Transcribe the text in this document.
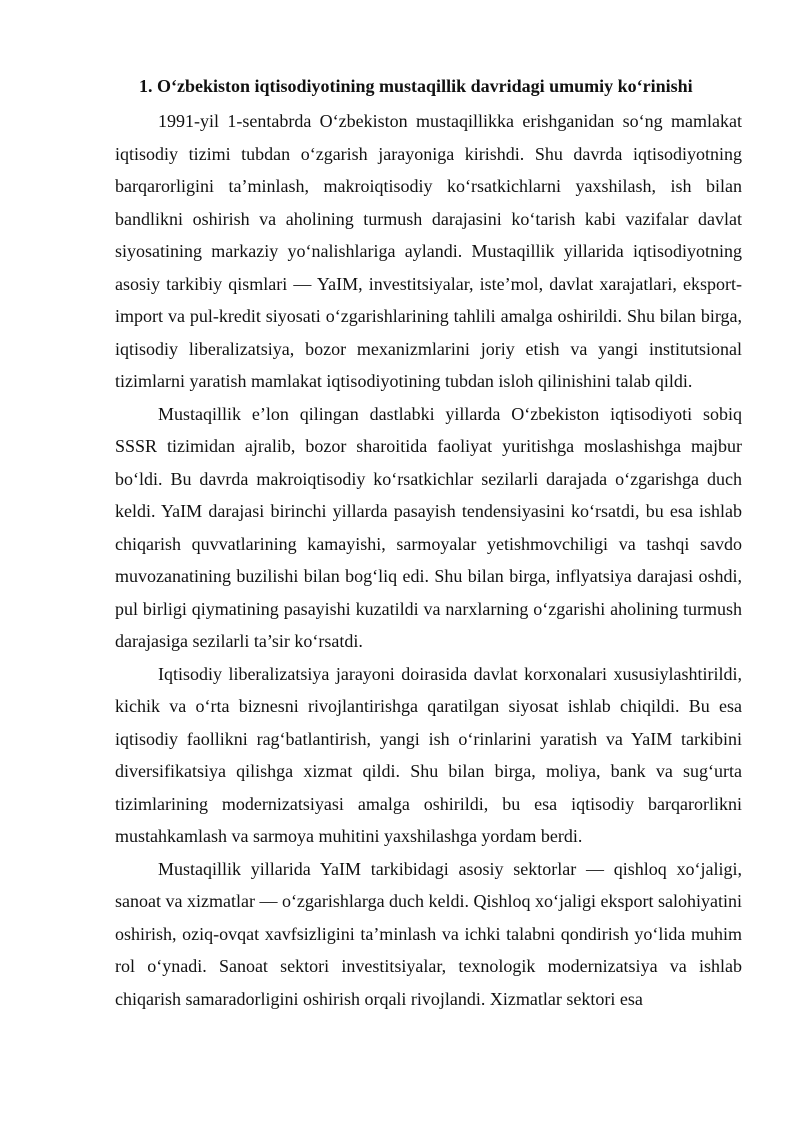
1. O‘zbekiston iqtisodiyotining mustaqillik davridagi umumiy ko‘rinishi

1991-yil 1-sentabrda O‘zbekiston mustaqillikka erishganidan so‘ng mamlakat iqtisodiy tizimi tubdan o‘zgarish jarayoniga kirishdi. Shu davrda iqtisodiyotning barqarorligini ta’minlash, makroiqtisodiy ko‘rsatkichlarni yaxshilash, ish bilan bandlikni oshirish va aholining turmush darajasini ko‘tarish kabi vazifalar davlat siyosatining markaziy yo‘nalishlariga aylandi. Mustaqillik yillarida iqtisodiyotning asosiy tarkibiy qismlari — YaIM, investitsiyalar, iste’mol, davlat xarajatlari, eksport-import va pul-kredit siyosati o‘zgarishlarining tahlili amalga oshirildi. Shu bilan birga, iqtisodiy liberalizatsiya, bozor mexanizmlarini joriy etish va yangi institutsional tizimlarni yaratish mamlakat iqtisodiyotining tubdan isloh qilinishini talab qildi.

Mustaqillik e’lon qilingan dastlabki yillarda O‘zbekiston iqtisodiyoti sobiq SSSR tizimidan ajralib, bozor sharoitida faoliyat yuritishga moslashishga majbur bo‘ldi. Bu davrda makroiqtisodiy ko‘rsatkichlar sezilarli darajada o‘zgarishga duch keldi. YaIM darajasi birinchi yillarda pasayish tendensiyasini ko‘rsatdi, bu esa ishlab chiqarish quvvatlarining kamayishi, sarmoyalar yetishmovchiligi va tashqi savdo muvozanatining buzilishi bilan bog‘liq edi. Shu bilan birga, inflyatsiya darajasi oshdi, pul birligi qiymatining pasayishi kuzatildi va narxlarning o‘zgarishi aholining turmush darajasiga sezilarli ta’sir ko‘rsatdi.

Iqtisodiy liberalizatsiya jarayoni doirasida davlat korxonalari xususiylashtirildi, kichik va o‘rta biznesni rivojlantirishga qaratilgan siyosat ishlab chiqildi. Bu esa iqtisodiy faollikni rag‘batlantirish, yangi ish o‘rinlarini yaratish va YaIM tarkibini diversifikatsiya qilishga xizmat qildi. Shu bilan birga, moliya, bank va sug‘urta tizimlarining modernizatsiyasi amalga oshirildi, bu esa iqtisodiy barqarorlikni mustahkamlash va sarmoya muhitini yaxshilashga yordam berdi.

Mustaqillik yillarida YaIM tarkibidagi asosiy sektorlar — qishloq xo‘jaligi, sanoat va xizmatlar — o‘zgarishlarga duch keldi. Qishloq xo‘jaligi eksport salohiyatini oshirish, oziq-ovqat xavfsizligini ta’minlash va ichki talabni qondirish yo‘lida muhim rol o‘ynadi. Sanoat sektori investitsiyalar, texnologik modernizatsiya va ishlab chiqarish samaradorligini oshirish orqali rivojlandi. Xizmatlar sektori esa
